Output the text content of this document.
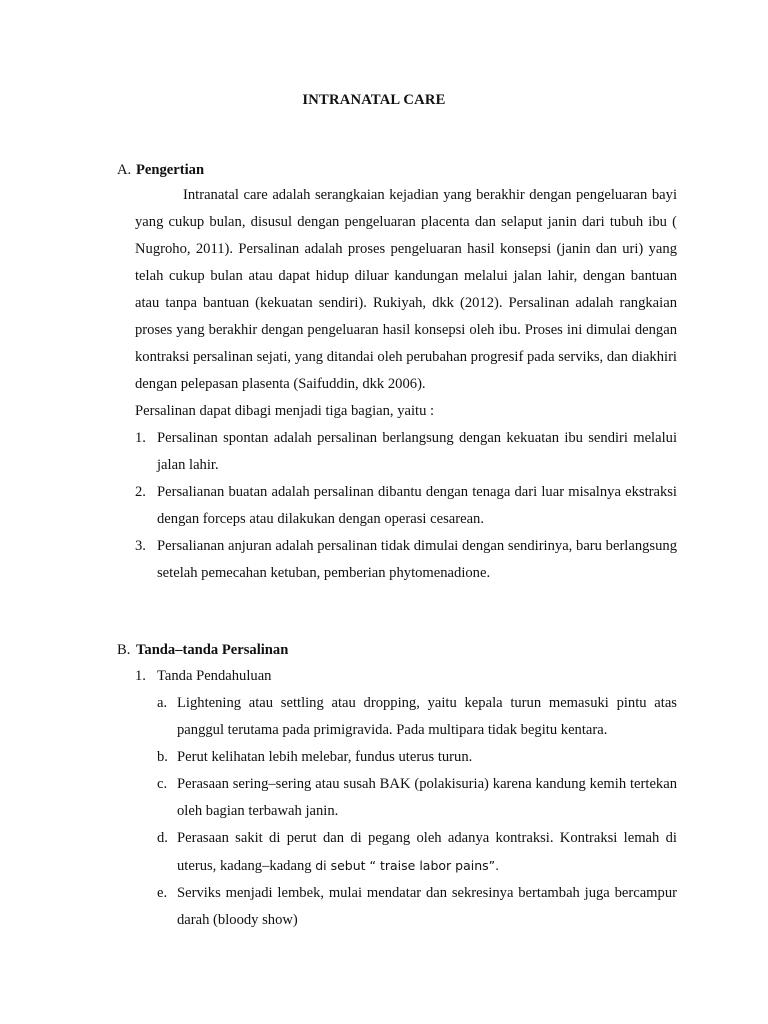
INTRANATAL CARE
A. Pengertian

Intranatal care adalah serangkaian kejadian yang berakhir dengan pengeluaran bayi yang cukup bulan, disusul dengan pengeluaran placenta dan selaput janin dari tubuh ibu ( Nugroho, 2011). Persalinan adalah proses pengeluaran hasil konsepsi (janin dan uri) yang telah cukup bulan atau dapat hidup diluar kandungan melalui jalan lahir, dengan bantuan atau tanpa bantuan (kekuatan sendiri). Rukiyah, dkk (2012). Persalinan adalah rangkaian proses yang berakhir dengan pengeluaran hasil konsepsi oleh ibu. Proses ini dimulai dengan kontraksi persalinan sejati, yang ditandai oleh perubahan progresif pada serviks, dan diakhiri dengan pelepasan plasenta (Saifuddin, dkk 2006).

Persalinan dapat dibagi menjadi tiga bagian, yaitu :

1. Persalinan spontan adalah persalinan berlangsung dengan kekuatan ibu sendiri melalui jalan lahir.
2. Persalianan buatan adalah persalinan dibantu dengan tenaga dari luar misalnya ekstraksi dengan forceps atau dilakukan dengan operasi cesarean.
3. Persalianan anjuran adalah persalinan tidak dimulai dengan sendirinya, baru berlangsung setelah pemecahan ketuban, pemberian phytomenadione.
B. Tanda–tanda Persalinan
1. Tanda Pendahuluan
a. Lightening atau settling atau dropping, yaitu kepala turun memasuki pintu atas panggul terutama pada primigravida. Pada multipara tidak begitu kentara.
b. Perut kelihatan lebih melebar, fundus uterus turun.
c. Perasaan sering–sering atau susah BAK (polakisuria) karena kandung kemih tertekan oleh bagian terbawah janin.
d. Perasaan sakit di perut dan di pegang oleh adanya kontraksi. Kontraksi lemah di uterus, kadang–kadang di sebut “ traise labor pains”.
e. Serviks menjadi lembek, mulai mendatar dan sekresinya bertambah juga bercampur darah (bloody show)
